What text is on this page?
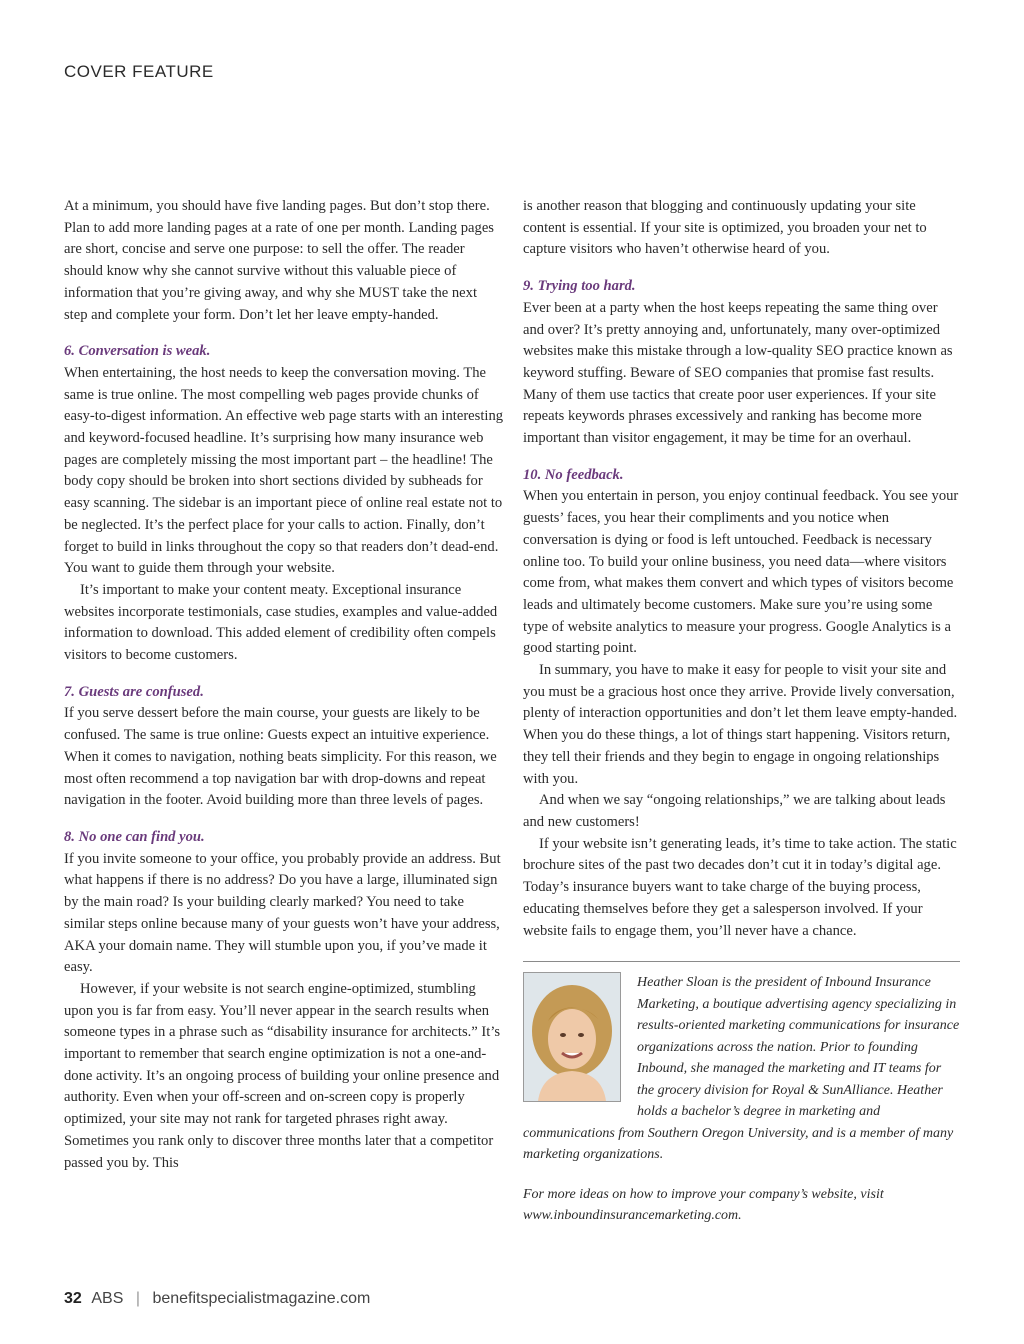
COVER FEATURE

At a minimum, you should have five landing pages. But don’t stop there. Plan to add more landing pages at a rate of one per month. Landing pages are short, concise and serve one purpose: to sell the offer. The reader should know why she cannot survive without this valuable piece of information that you’re giving away, and why she MUST take the next step and complete your form. Don’t let her leave empty-handed.

6. Conversation is weak.

When entertaining, the host needs to keep the conversation moving. The same is true online. The most compelling web pages provide chunks of easy-to-digest information. An effective web page starts with an interesting and keyword-focused headline. It’s surprising how many insurance web pages are completely missing the most important part – the headline! The body copy should be broken into short sections divided by subheads for easy scanning. The sidebar is an important piece of online real estate not to be neglected. It’s the perfect place for your calls to action. Finally, don’t forget to build in links throughout the copy so that readers don’t dead-end. You want to guide them through your website.

It’s important to make your content meaty. Exceptional insurance websites incorporate testimonials, case studies, examples and value-added information to download. This added element of credibility often compels visitors to become customers.

7. Guests are confused.

If you serve dessert before the main course, your guests are likely to be confused. The same is true online: Guests expect an intuitive experience. When it comes to navigation, nothing beats simplicity. For this reason, we most often recommend a top navigation bar with drop-downs and repeat navigation in the footer. Avoid building more than three levels of pages.

8. No one can find you.

If you invite someone to your office, you probably provide an address. But what happens if there is no address? Do you have a large, illuminated sign by the main road? Is your building clearly marked? You need to take similar steps online because many of your guests won’t have your address, AKA your domain name. They will stumble upon you, if you’ve made it easy.

However, if your website is not search engine-optimized, stumbling upon you is far from easy. You’ll never appear in the search results when someone types in a phrase such as “disability insurance for architects.” It’s important to remember that search engine optimization is not a one-and-done activity. It’s an ongoing process of building your online presence and authority. Even when your off-screen and on-screen copy is properly optimized, your site may not rank for targeted phrases right away. Sometimes you rank only to discover three months later that a competitor passed you by. This

is another reason that blogging and continuously updating your site content is essential. If your site is optimized, you broaden your net to capture visitors who haven’t otherwise heard of you.

9. Trying too hard.

Ever been at a party when the host keeps repeating the same thing over and over? It’s pretty annoying and, unfortunately, many over-optimized websites make this mistake through a low-quality SEO practice known as keyword stuffing. Beware of SEO companies that promise fast results. Many of them use tactics that create poor user experiences. If your site repeats keywords phrases excessively and ranking has become more important than visitor engagement, it may be time for an overhaul.

10. No feedback.

When you entertain in person, you enjoy continual feedback. You see your guests’ faces, you hear their compliments and you notice when conversation is dying or food is left untouched. Feedback is necessary online too. To build your online business, you need data—where visitors come from, what makes them convert and which types of visitors become leads and ultimately become customers. Make sure you’re using some type of website analytics to measure your progress. Google Analytics is a good starting point.

In summary, you have to make it easy for people to visit your site and you must be a gracious host once they arrive. Provide lively conversation, plenty of interaction opportunities and don’t let them leave empty-handed. When you do these things, a lot of things start happening. Visitors return, they tell their friends and they begin to engage in ongoing relationships with you.

And when we say “ongoing relationships,” we are talking about leads and new customers!

If your website isn’t generating leads, it’s time to take action. The static brochure sites of the past two decades don’t cut it in today’s digital age. Today’s insurance buyers want to take charge of the buying process, educating themselves before they get a salesperson involved. If your website fails to engage them, you’ll never have a chance.

Heather Sloan is the president of Inbound Insurance Marketing, a boutique advertising agency specializing in results-oriented marketing communications for insurance organizations across the nation. Prior to founding Inbound, she managed the marketing and IT teams for the grocery division for Royal & SunAlliance. Heather holds a bachelor’s degree in marketing and communications from Southern Oregon University, and is a member of many marketing organizations.

For more ideas on how to improve your company’s website, visit www.inboundinsurancemarketing.com.

32 ABS | benefitspecialistmagazine.com
